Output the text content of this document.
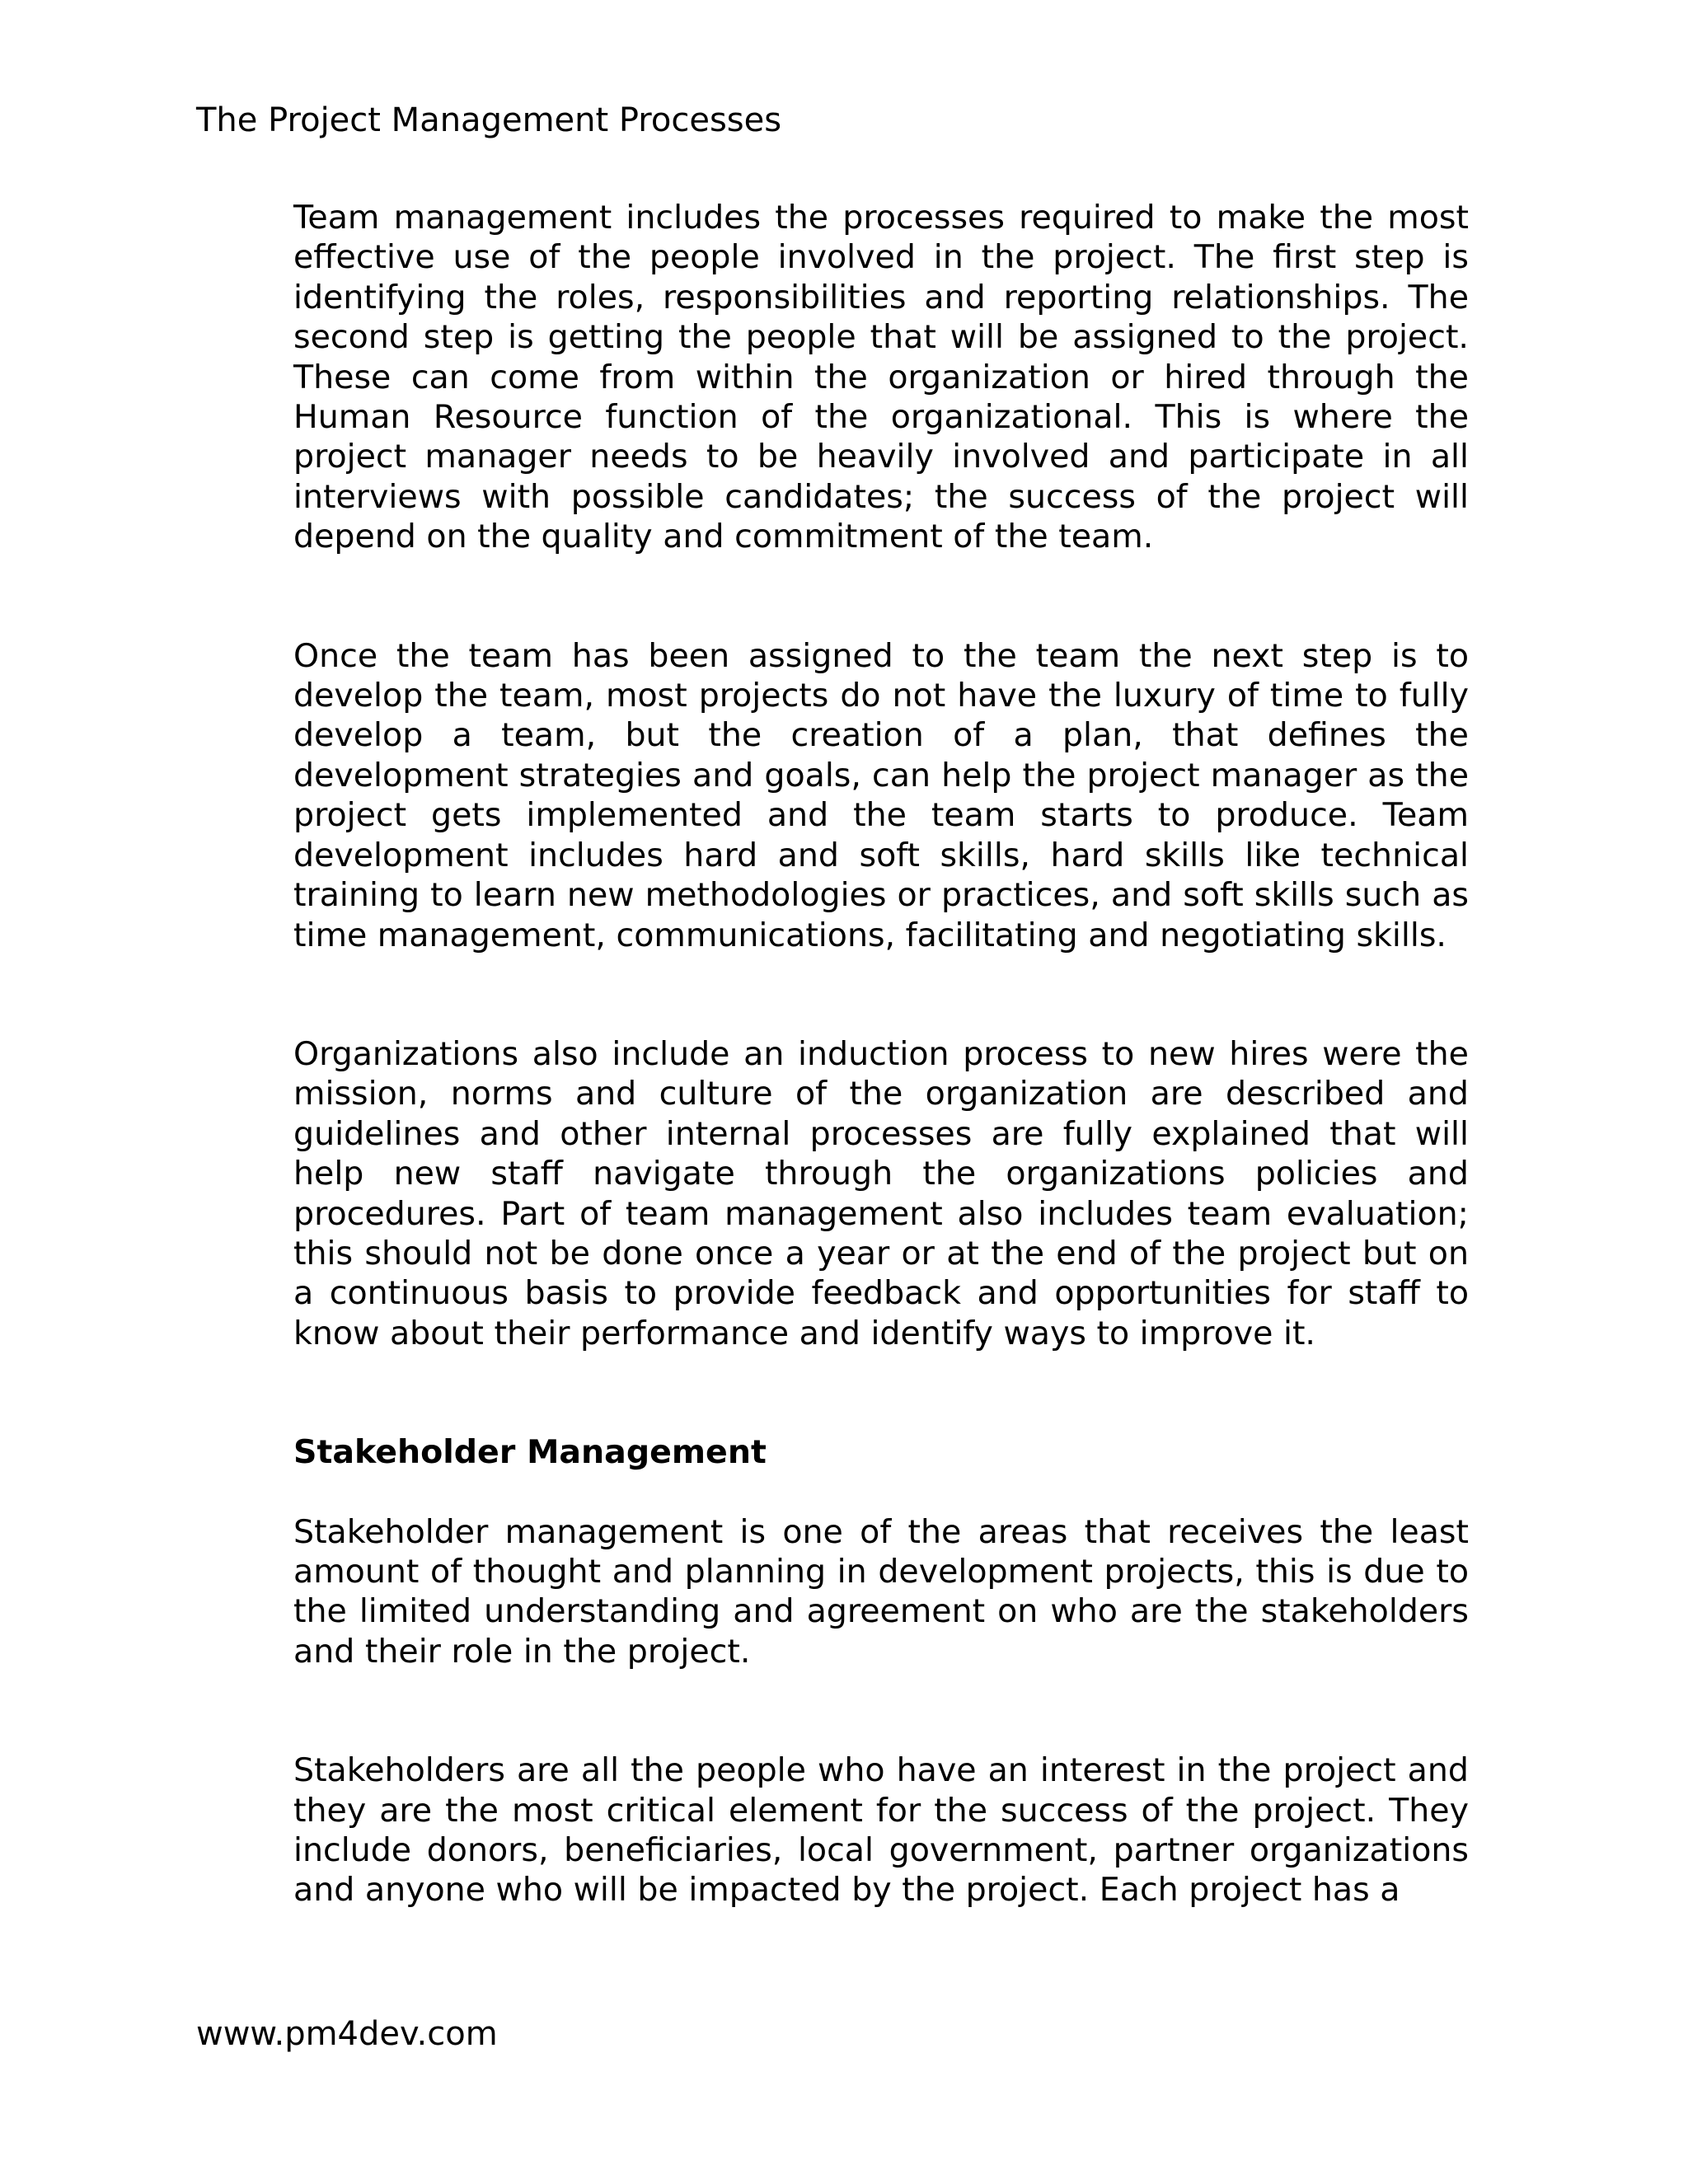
The Project Management Processes

Team management includes the processes required to make the most effective use of the people involved in the project. The first step is identifying the roles, responsibilities and reporting relationships. The second step is getting the people that will be assigned to the project. These can come from within the organization or hired through the Human Resource function of the organizational. This is where the project manager needs to be heavily involved and participate in all interviews with possible candidates; the success of the project will depend on the quality and commitment of the team.

Once the team has been assigned to the team the next step is to develop the team, most projects do not have the luxury of time to fully develop a team, but the creation of a plan, that defines the development strategies and goals, can help the project manager as the project gets implemented and the team starts to produce. Team development includes hard and soft skills, hard skills like technical training to learn new methodologies or practices, and soft skills such as time management, communications, facilitating and negotiating skills.

Organizations also include an induction process to new hires were the mission, norms and culture of the organization are described and guidelines and other internal processes are fully explained that will help new staff navigate through the organizations policies and procedures. Part of team management also includes team evaluation; this should not be done once a year or at the end of the project but on a continuous basis to provide feedback and opportunities for staff to know about their performance and identify ways to improve it.

Stakeholder Management

Stakeholder management is one of the areas that receives the least amount of thought and planning in development projects, this is due to the limited understanding and agreement on who are the stakeholders and their role in the project.

Stakeholders are all the people who have an interest in the project and they are the most critical element for the success of the project. They include donors, beneficiaries, local government, partner organizations and anyone who will be impacted by the project. Each project has a

www.pm4dev.com
